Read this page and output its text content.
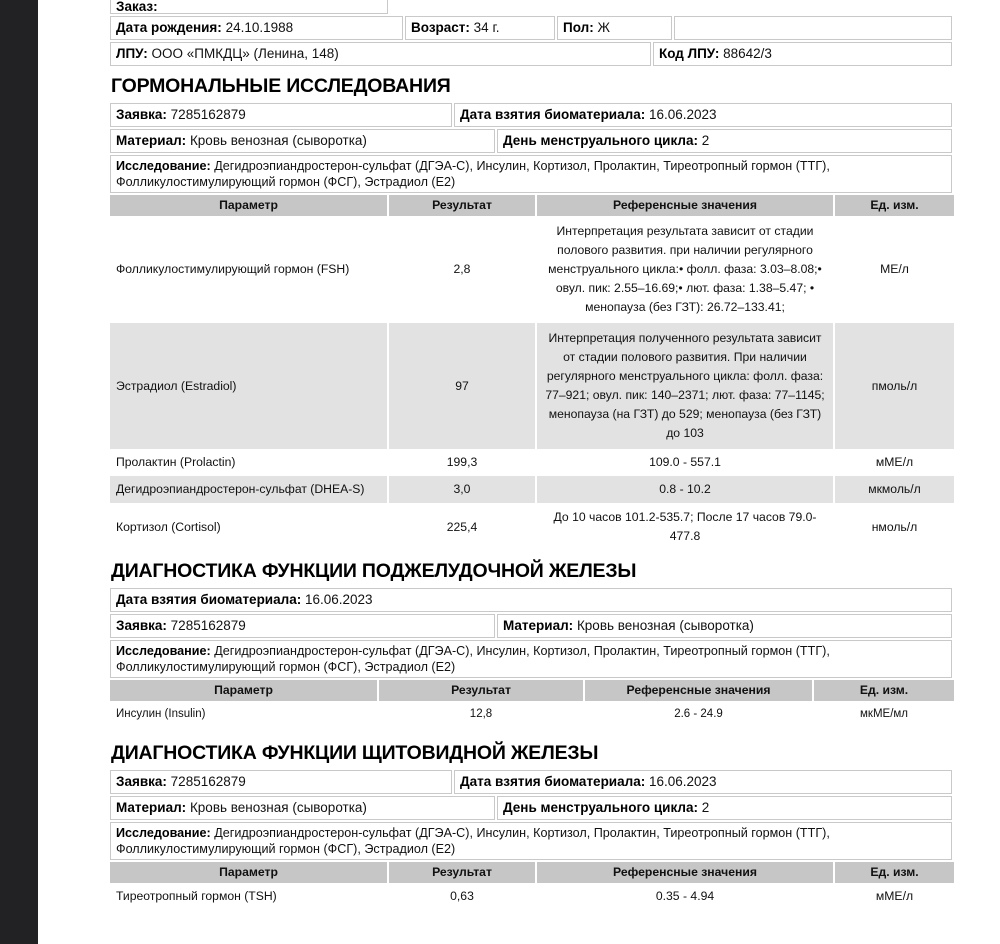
Заказ:
Дата рождения: 24.10.1988	Возраст: 34 г.	Пол: Ж
ЛПУ: ООО «ПМКДЦ» (Ленина, 148)	Код ЛПУ: 88642/3
ГОРМОНАЛЬНЫЕ ИССЛЕДОВАНИЯ
Заявка: 7285162879	Дата взятия биоматериала: 16.06.2023
Материал: Кровь венозная (сыворотка)	День менструального цикла: 2
Исследование: Дегидроэпиандростерон-сульфат (ДГЭА-С), Инсулин, Кортизол, Пролактин, Тиреотропный гормон (ТТГ), Фолликулостимулирующий гормон (ФСГ), Эстрадиол (E2)
Параметр	Результат	Референсные значения	Ед. изм.
Фолликулостимулирующий гормон (FSH)	2,8	Интерпретация результата зависит от стадии полового развития. при наличии регулярного менструального цикла:• фолл. фаза: 3.03–8.08;• овул. пик: 2.55–16.69;• лют. фаза: 1.38–5.47; • менопауза (без ГЗТ): 26.72–133.41;	МЕ/л
Эстрадиол (Estradiol)	97	Интерпретация полученного результата зависит от стадии полового развития. При наличии регулярного менструального цикла: фолл. фаза: 77–921; овул. пик: 140–2371; лют. фаза: 77–1145; менопауза (на ГЗТ) до 529; менопауза (без ГЗТ) до 103	пмоль/л
Пролактин (Prolactin)	199,3	109.0 - 557.1	мМЕ/л
Дегидроэпиандростерон-сульфат (DHEA-S)	3,0	0.8 - 10.2	мкмоль/л
Кортизол (Cortisol)	225,4	До 10 часов 101.2-535.7; После 17 часов 79.0-477.8	нмоль/л
ДИАГНОСТИКА ФУНКЦИИ ПОДЖЕЛУДОЧНОЙ ЖЕЛЕЗЫ
Дата взятия биоматериала: 16.06.2023
Заявка: 7285162879	Материал: Кровь венозная (сыворотка)
Исследование: Дегидроэпиандростерон-сульфат (ДГЭА-С), Инсулин, Кортизол, Пролактин, Тиреотропный гормон (ТТГ), Фолликулостимулирующий гормон (ФСГ), Эстрадиол (E2)
Параметр	Результат	Референсные значения	Ед. изм.
Инсулин (Insulin)	12,8	2.6 - 24.9	мкМЕ/мл
ДИАГНОСТИКА ФУНКЦИИ ЩИТОВИДНОЙ ЖЕЛЕЗЫ
Заявка: 7285162879	Дата взятия биоматериала: 16.06.2023
Материал: Кровь венозная (сыворотка)	День менструального цикла: 2
Исследование: Дегидроэпиандростерон-сульфат (ДГЭА-С), Инсулин, Кортизол, Пролактин, Тиреотропный гормон (ТТГ), Фолликулостимулирующий гормон (ФСГ), Эстрадиол (E2)
Параметр	Результат	Референсные значения	Ед. изм.
Тиреотропный гормон (TSH)	0,63	0.35 - 4.94	мМЕ/л
